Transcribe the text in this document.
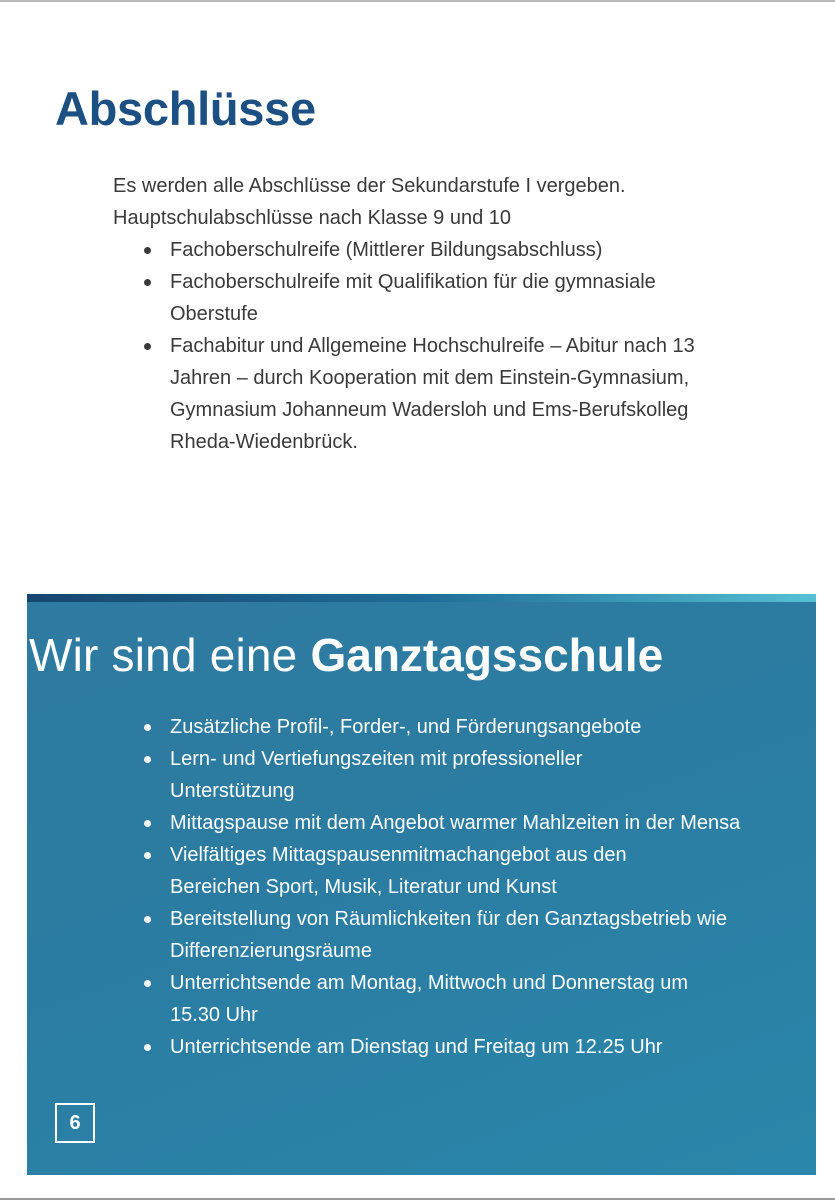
Abschlüsse

Es werden alle Abschlüsse der Sekundarstufe I vergeben.

Hauptschulabschlüsse nach Klasse 9 und 10

Fachoberschulreife (Mittlerer Bildungsabschluss)
Fachoberschulreife mit Qualifikation für die gymnasiale Oberstufe
Fachabitur und Allgemeine Hochschulreife – Abitur nach 13 Jahren – durch Kooperation mit dem Einstein-Gymnasium, Gymnasium Johanneum Wadersloh und Ems-Berufskolleg Rheda-Wiedenbrück.
Wir sind eine Ganztagsschule
Zusätzliche Profil-, Forder-, und Förderungsangebote
Lern- und Vertiefungszeiten mit professioneller Unterstützung
Mittagspause mit dem Angebot warmer Mahlzeiten in der Mensa
Vielfältiges Mittagspausenmitmachangebot aus den Bereichen Sport, Musik, Literatur und Kunst
Bereitstellung von Räumlichkeiten für den Ganztagsbetrieb wie Differenzierungsräume
Unterrichtsende am Montag, Mittwoch und Donnerstag um 15.30 Uhr
Unterrichtsende am Dienstag und Freitag um 12.25 Uhr
6
